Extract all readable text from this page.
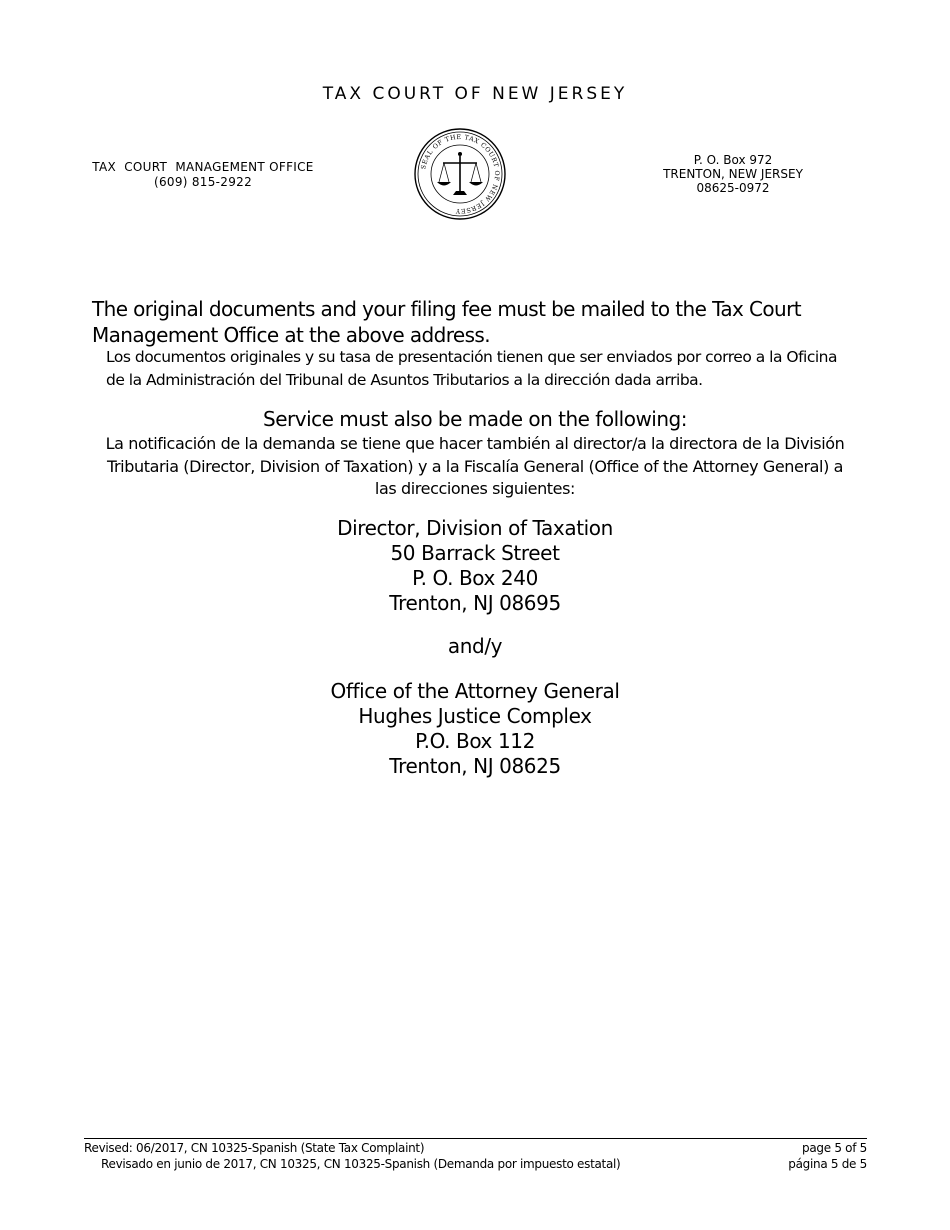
TAX COURT OF NEW JERSEY
TAX  COURT  MANAGEMENT OFFICE
(609) 815-2922
SEAL OF THE TAX COURT OF NEW JERSEY
P. O. Box 972
TRENTON, NEW JERSEY
08625-0972
The original documents and your filing fee must be mailed to the Tax Court
Management Office at the above address.
Los documentos originales y su tasa de presentación tienen que ser enviados por correo a la Oficina
de la Administración del Tribunal de Asuntos Tributarios a la dirección dada arriba.
Service must also be made on the following:
La notificación de la demanda se tiene que hacer también al director/a la directora de la División
Tributaria (Director, Division of Taxation) y a la Fiscalía General (Office of the Attorney General) a
las direcciones siguientes:
Director, Division of Taxation
50 Barrack Street
P. O. Box 240
Trenton, NJ 08695
and/y
Office of the Attorney General
Hughes Justice Complex
P.O. Box 112
Trenton, NJ 08625
Revised: 06/2017, CN 10325-Spanish (State Tax Complaint)
Revisado en junio de 2017, CN 10325, CN 10325-Spanish (Demanda por impuesto estatal)
page 5 of 5
página 5 de 5
